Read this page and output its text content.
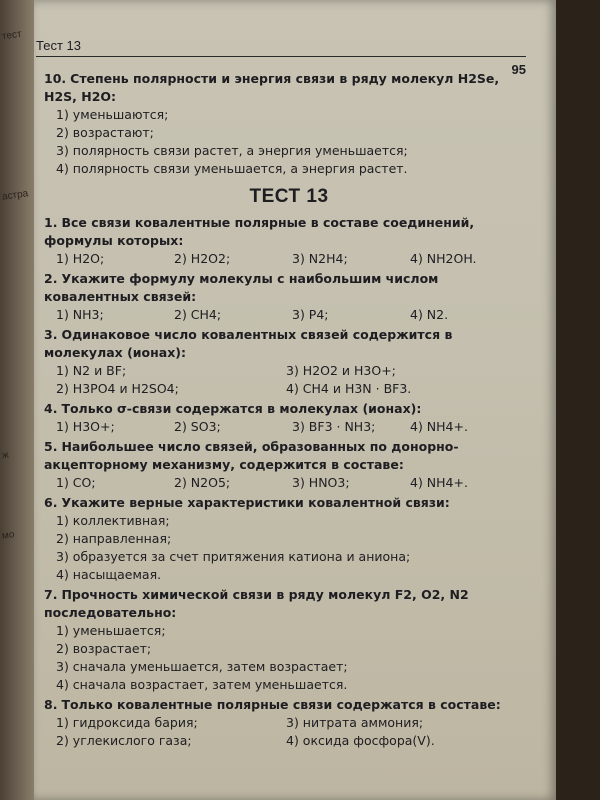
тест
астра
ж
мо
Тест 13
95
10. Степень полярности и энергия связи в ряду молекул H2Se, H2S, H2O:
1) уменьшаются;
2) возрастают;
3) полярность связи растет, а энергия уменьшается;
4) полярность связи уменьшается, а энергия растет.
ТЕСТ 13
1. Все связи ковалентные полярные в составе соединений, формулы которых:
1) H2O;	2) H2O2;	3) N2H4;	4) NH2OH.
2. Укажите формулу молекулы с наибольшим числом ковалентных связей:
1) NH3;	2) CH4;	3) P4;	4) N2.
3. Одинаковое число ковалентных связей содержится в молекулах (ионах):
1) N2 и BF;	3) H2O2 и H3O+;
2) H3PO4 и H2SO4;	4) CH4 и H3N · BF3.
4. Только σ-связи содержатся в молекулах (ионах):
1) H3O+;	2) SO3;	3) BF3 · NH3;	4) NH4+.
5. Наибольшее число связей, образованных по донорно-акцепторному механизму, содержится в составе:
1) CO;	2) N2O5;	3) HNO3;	4) NH4+.
6. Укажите верные характеристики ковалентной связи:
1) коллективная;
2) направленная;
3) образуется за счет притяжения катиона и аниона;
4) насыщаемая.
7. Прочность химической связи в ряду молекул F2, O2, N2 последовательно:
1) уменьшается;
2) возрастает;
3) сначала уменьшается, затем возрастает;
4) сначала возрастает, затем уменьшается.
8. Только ковалентные полярные связи содержатся в составе:
1) гидроксида бария;	3) нитрата аммония;
2) углекислого газа;	4) оксида фосфора(V).
